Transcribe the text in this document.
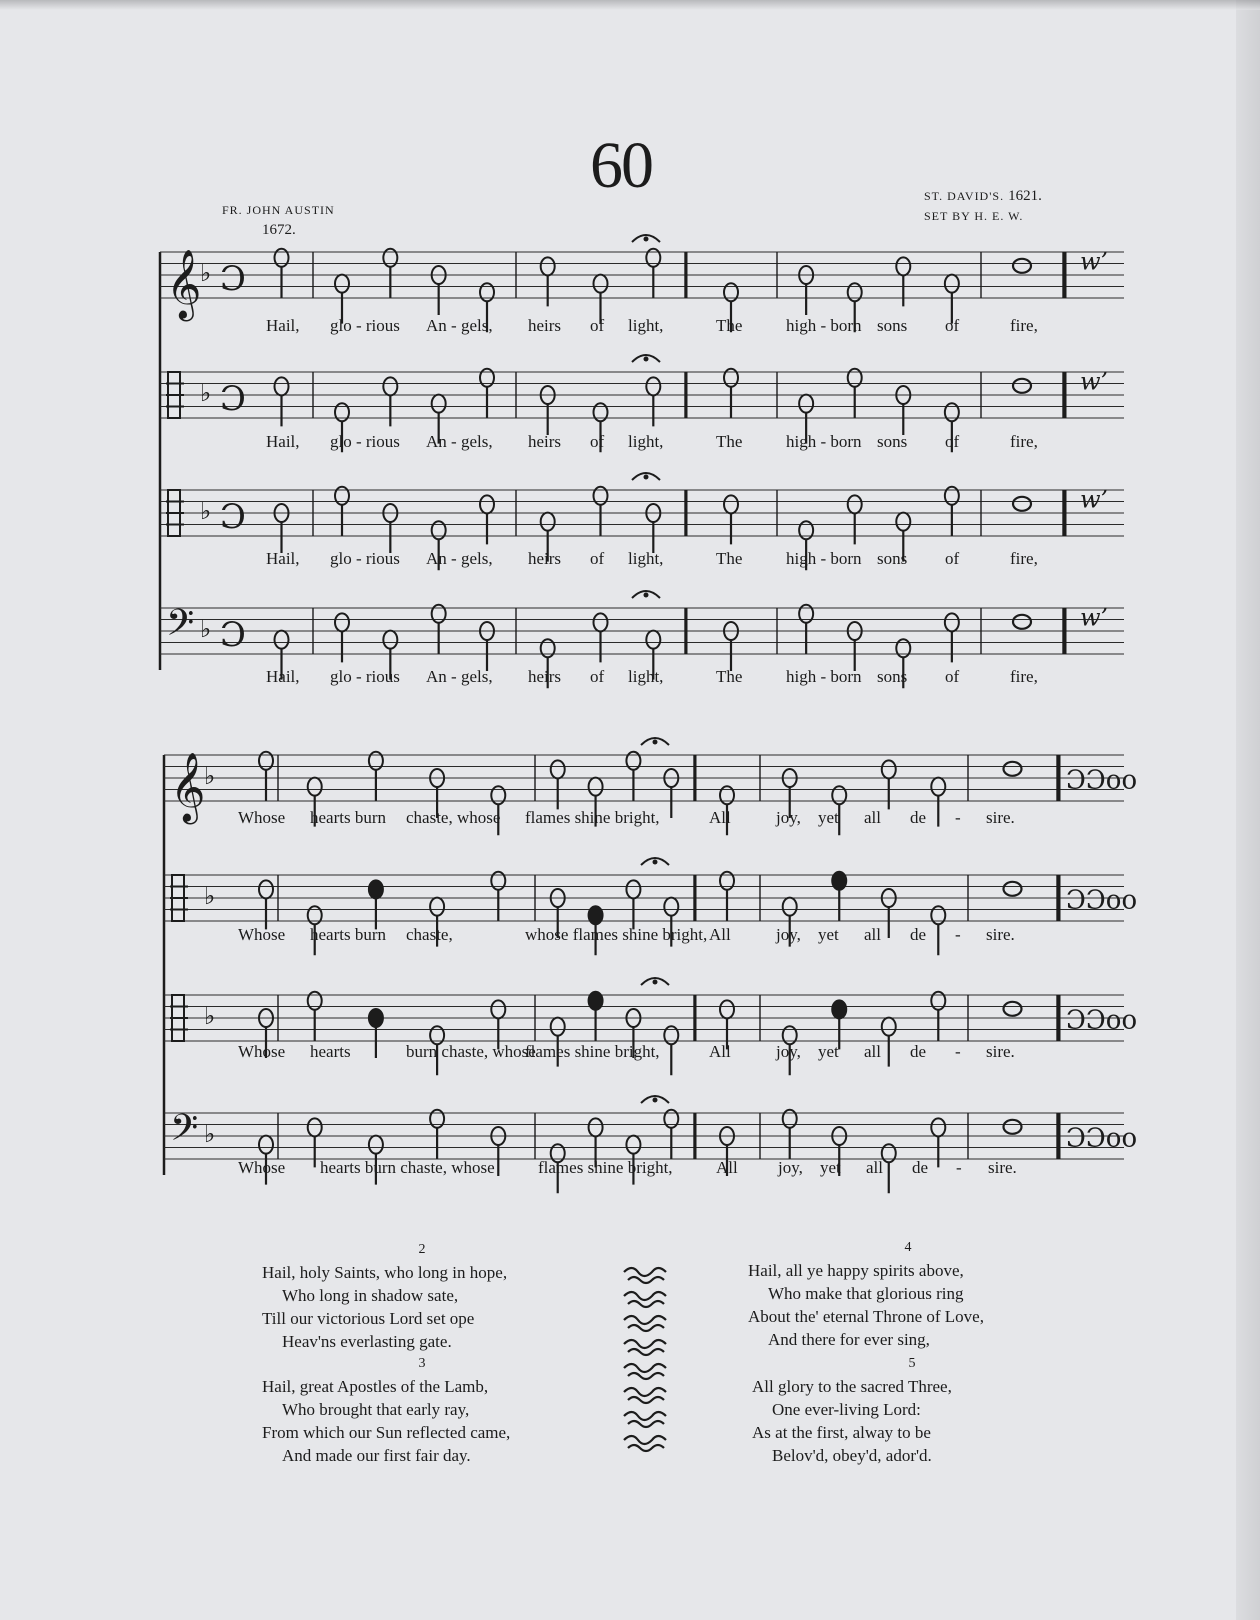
60
FR. JOHN AUSTIN
1672.
ST. DAVID'S. 1621.
SET BY H. E. W.
𝄞
♭ Ɔ	w’
♭ Ɔ	w’
♭ Ɔ	w’
𝄢 ♭ Ɔ	w’
𝄞
♭	ƆƆoο
♭	ƆƆoο
♭	ƆƆoο
𝄢 ♭	ƆƆoο
Hail, glo - rious An - gels, heirs of light,	The	high - born sons of	fire,
Hail, glo - rious An - gels, heirs of light,	The	high - born sons of	fire,
Hail, glo - rious An - gels, heirs of light,	The	high - born sons of	fire,
Hail, glo - rious An - gels, heirs of light,	The	high - born sons of	fire,
Whose hearts burn chaste, whose flames shine bright,	All	joy, yet all de - sire.
Whose hearts burn chaste,	whose flames shine bright, All	joy, yet all de - sire.
Whose hearts	burn chaste, whose
flames shine bright,	All	joy, yet all de - sire.
Whose hearts burn chaste, whose	flames shine bright,	All joy, yet all de - sire.
2
Hail, holy Saints, who long in hope,
Who long in shadow sate,
Till our victorious Lord set ope
Heav'ns everlasting gate.
3
Hail, great Apostles of the Lamb,
Who brought that early ray,
From which our Sun reflected came,
And made our first fair day.
4
Hail, all ye happy spirits above,
Who make that glorious ring
About the' eternal Throne of Love,
And there for ever sing,
5
All glory to the sacred Three,
One ever-living Lord:
As at the first, alway to be
Belov'd, obey'd, ador'd.
